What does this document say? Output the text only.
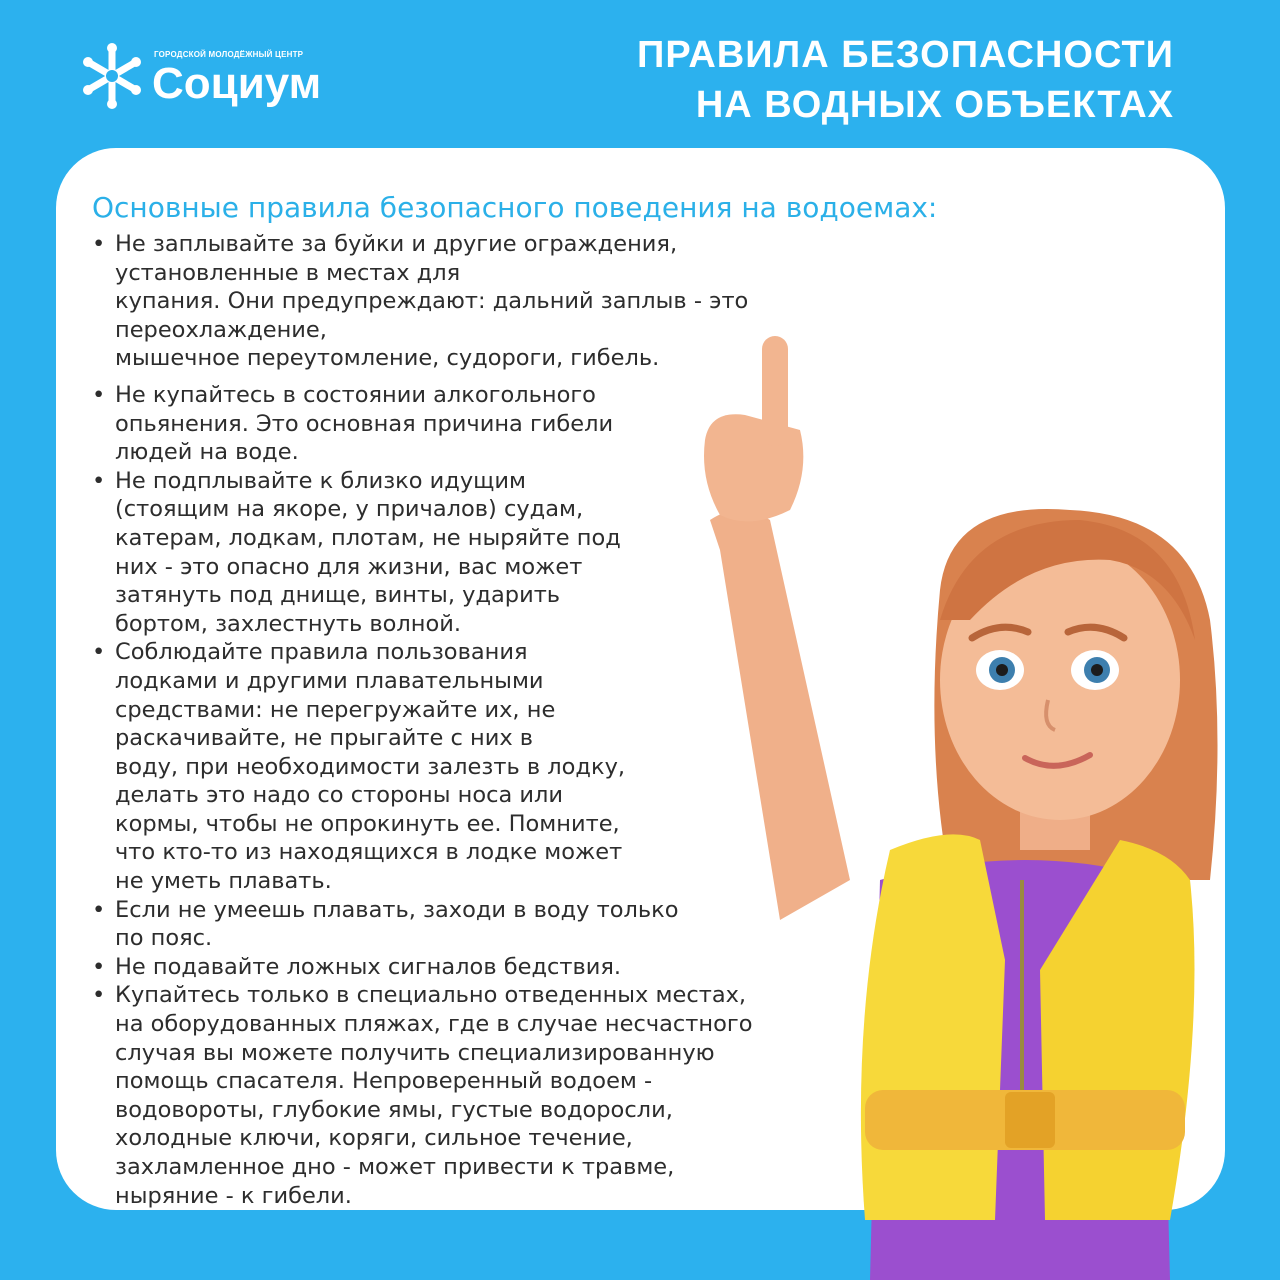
ГОРОДСКОЙ МОЛОДЁЖНЫЙ ЦЕНТР
Социум
ПРАВИЛА БЕЗОПАСНОСТИ
НА ВОДНЫХ ОБЪЕКТАХ
Основные правила безопасного поведения на водоемах:
• Не заплывайте за буйки и другие ограждения, установленные в местах для
купания. Они предупреждают: дальний заплыв - это переохлаждение,
мышечное переутомление, судороги, гибель.
• Не купайтесь в состоянии алкогольного
опьянения. Это основная причина гибели
людей на воде.
• Не подплывайте к близко идущим
(стоящим на якоре, у причалов) судам,
катерам, лодкам, плотам, не ныряйте под
них - это опасно для жизни, вас может
затянуть под днище, винты, ударить
бортом, захлестнуть волной.
• Соблюдайте правила пользования
лодками и другими плавательными
средствами: не перегружайте их, не
раскачивайте, не прыгайте с них в
воду, при необходимости залезть в лодку,
делать это надо со стороны носа или
кормы, чтобы не опрокинуть ее. Помните,
что кто-то из находящихся в лодке может
не уметь плавать.
• Если не умеешь плавать, заходи в воду только
по пояс.
• Не подавайте ложных сигналов бедствия.
• Купайтесь только в специально отведенных местах,
на оборудованных пляжах, где в случае несчастного
случая вы можете получить специализированную
помощь спасателя. Непроверенный водоем -
водовороты, глубокие ямы, густые водоросли,
холодные ключи, коряги, сильное течение,
захламленное дно - может привести к травме,
ныряние - к гибели.
